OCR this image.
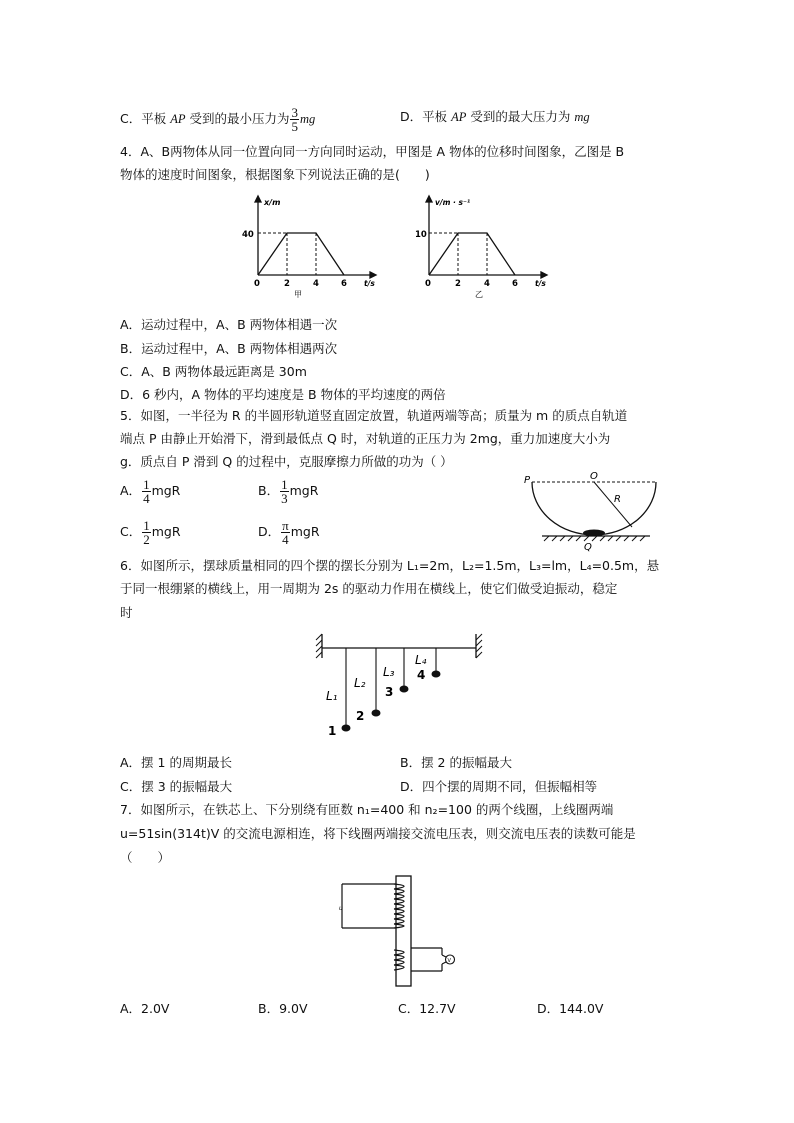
C．平板 AP 受到的最小压力为 $\frac{3}{5}$ mg	D．平板 AP 受到的最大压力为 mg
4．A、B两物体从同一位置向同一方向同时运动，甲图是 A 物体的位移时间图象，乙图是 B
物体的速度时间图象，根据图象下列说法正确的是(　　)
x/m
40
0	2	4	6 t/s
甲
v/m · s⁻¹
10
0	2	4	6 t/s
乙
A．运动过程中，A、B 两物体相遇一次
B．运动过程中，A、B 两物体相遇两次
C．A、B 两物体最远距离是 30m
D．6 秒内，A 物体的平均速度是 B 物体的平均速度的两倍
5．如图，一半径为 R 的半圆形轨道竖直固定放置，轨道两端等高；质量为 m 的质点自轨道
端点 P 由静止开始滑下，滑到最低点 Q 时，对轨道的正压力为 2mg，重力加速度大小为
g．质点自 P 滑到 Q 的过程中，克服摩擦力所做的功为（ ）
A． $\frac{1}{4}$ mgR	B． $\frac{1}{3}$ mgR
C． $\frac{1}{2}$ mgR	D． $\frac{\pi}{4}$ mgR
P	O
R
Q
6．如图所示，摆球质量相同的四个摆的摆长分别为 L₁=2m，L₂=1.5m，L₃=lm，L₄=0.5m，悬
于同一根绷紧的横线上，用一周期为 2s 的驱动力作用在横线上，使它们做受迫振动，稳定
时
L₁
L₂
L₃
L₄
1
2
3
4
A．摆 1 的周期最长	B．摆 2 的振幅最大
C．摆 3 的振幅最大	D．四个摆的周期不同，但振幅相等
7．如图所示，在铁芯上、下分别绕有匝数 n₁=400 和 n₂=100 的两个线圈，上线圈两端
u=51sin(314t)V 的交流电源相连，将下线圈两端接交流电压表，则交流电压表的读数可能是
（　　）
u
V
A．2.0V	B．9.0V	C．12.7V	D．144.0V
